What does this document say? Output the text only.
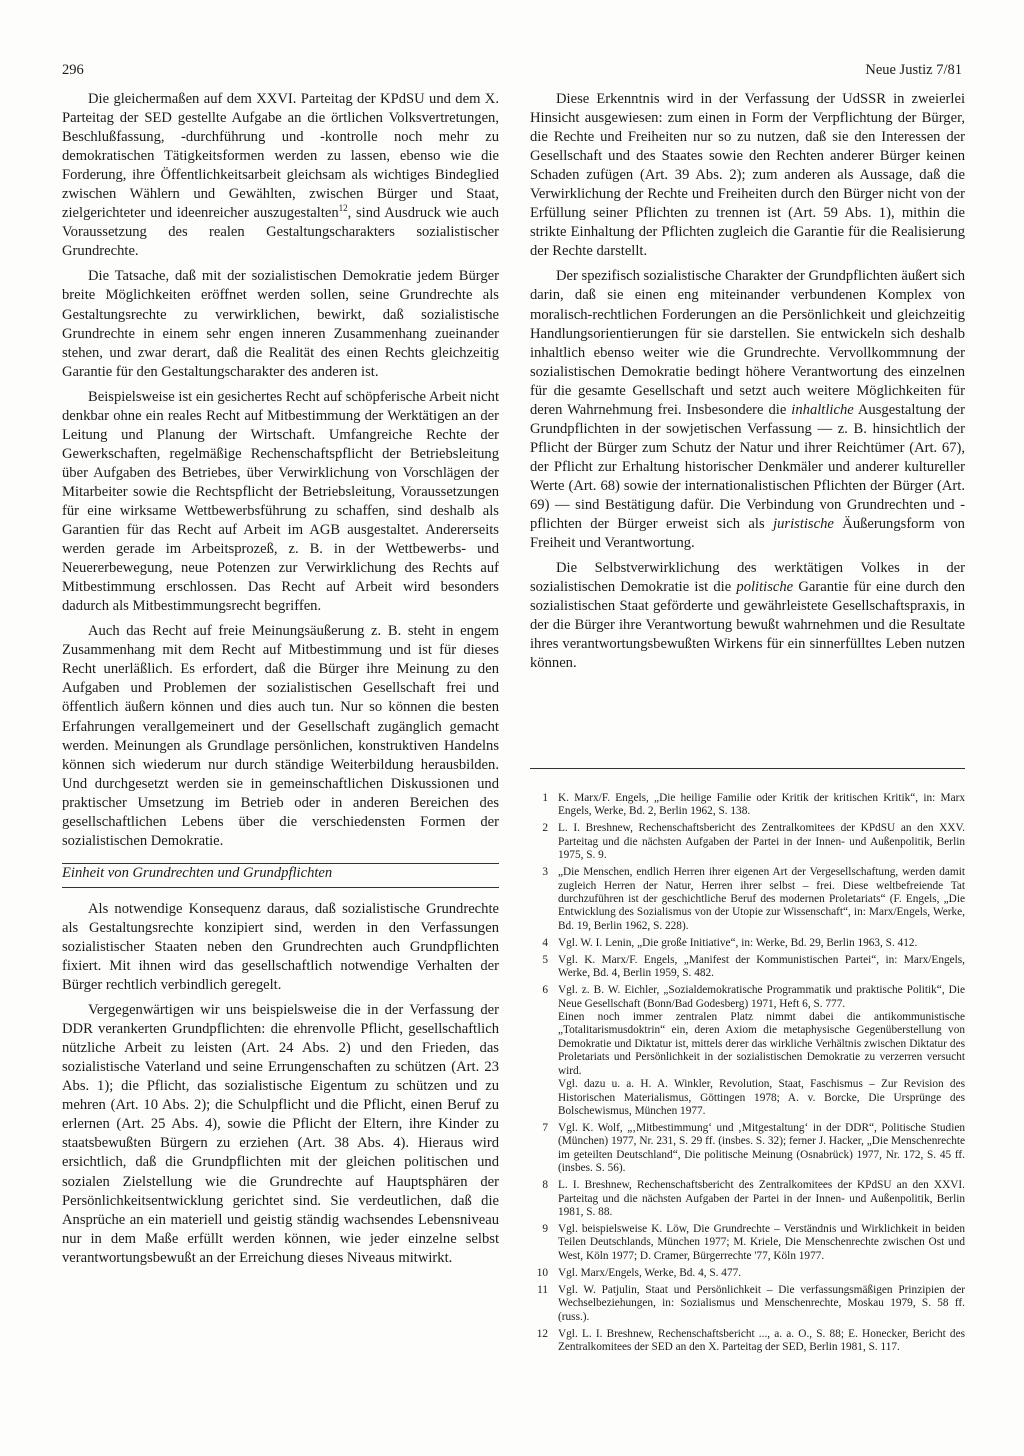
296	Neue Justiz 7/81

Die gleichermaßen auf dem XXVI. Parteitag der KPdSU und dem X. Parteitag der SED gestellte Aufgabe an die örtlichen Volksvertretungen, Beschlußfassung, -durchführung und -kontrolle noch mehr zu demokratischen Tätigkeitsformen werden zu lassen, ebenso wie die Forderung, ihre Öffentlichkeitsarbeit gleichsam als wichtiges Bindeglied zwischen Wählern und Gewählten, zwischen Bürger und Staat, zielgerichteter und ideenreicher auszugestalten$^{12}$, sind Ausdruck wie auch Voraussetzung des realen Gestaltungscharakters sozialistischer Grundrechte.

Die Tatsache, daß mit der sozialistischen Demokratie jedem Bürger breite Möglichkeiten eröffnet werden sollen, seine Grundrechte als Gestaltungsrechte zu verwirklichen, bewirkt, daß sozialistische Grundrechte in einem sehr engen inneren Zusammenhang zueinander stehen, und zwar derart, daß die Realität des einen Rechts gleichzeitig Garantie für den Gestaltungscharakter des anderen ist.

Beispielsweise ist ein gesichertes Recht auf schöpferische Arbeit nicht denkbar ohne ein reales Recht auf Mitbestimmung der Werktätigen an der Leitung und Planung der Wirtschaft. Umfangreiche Rechte der Gewerkschaften, regelmäßige Rechenschaftspflicht der Betriebsleitung über Aufgaben des Betriebes, über Verwirklichung von Vorschlägen der Mitarbeiter sowie die Rechtspflicht der Betriebsleitung, Voraussetzungen für eine wirksame Wettbewerbsführung zu schaffen, sind deshalb als Garantien für das Recht auf Arbeit im AGB ausgestaltet. Andererseits werden gerade im Arbeitsprozeß, z. B. in der Wettbewerbs- und Neuererbewegung, neue Potenzen zur Verwirklichung des Rechts auf Mitbestimmung erschlossen. Das Recht auf Arbeit wird besonders dadurch als Mitbestimmungsrecht begriffen.

Auch das Recht auf freie Meinungsäußerung z. B. steht in engem Zusammenhang mit dem Recht auf Mitbestimmung und ist für dieses Recht unerläßlich. Es erfordert, daß die Bürger ihre Meinung zu den Aufgaben und Problemen der sozialistischen Gesellschaft frei und öffentlich äußern können und dies auch tun. Nur so können die besten Erfahrungen verallgemeinert und der Gesellschaft zugänglich gemacht werden. Meinungen als Grundlage persönlichen, konstruktiven Handelns können sich wiederum nur durch ständige Weiterbildung herausbilden. Und durchgesetzt werden sie in gemeinschaftlichen Diskussionen und praktischer Umsetzung im Betrieb oder in anderen Bereichen des gesellschaftlichen Lebens über die verschiedensten Formen der sozialistischen Demokratie.

Einheit von Grundrechten und Grundpflichten

Als notwendige Konsequenz daraus, daß sozialistische Grundrechte als Gestaltungsrechte konzipiert sind, werden in den Verfassungen sozialistischer Staaten neben den Grundrechten auch Grundpflichten fixiert. Mit ihnen wird das gesellschaftlich notwendige Verhalten der Bürger rechtlich verbindlich geregelt.

Vergegenwärtigen wir uns beispielsweise die in der Verfassung der DDR verankerten Grundpflichten: die ehrenvolle Pflicht, gesellschaftlich nützliche Arbeit zu leisten (Art. 24 Abs. 2) und den Frieden, das sozialistische Vaterland und seine Errungenschaften zu schützen (Art. 23 Abs. 1); die Pflicht, das sozialistische Eigentum zu schützen und zu mehren (Art. 10 Abs. 2); die Schulpflicht und die Pflicht, einen Beruf zu erlernen (Art. 25 Abs. 4), sowie die Pflicht der Eltern, ihre Kinder zu staatsbewußten Bürgern zu erziehen (Art. 38 Abs. 4). Hieraus wird ersichtlich, daß die Grundpflichten mit der gleichen politischen und sozialen Zielstellung wie die Grundrechte auf Hauptsphären der Persönlichkeitsentwicklung gerichtet sind. Sie verdeutlichen, daß die Ansprüche an ein materiell und geistig ständig wachsendes Lebensniveau nur in dem Maße erfüllt werden können, wie jeder einzelne selbst verantwortungsbewußt an der Erreichung dieses Niveaus mitwirkt.

Diese Erkenntnis wird in der Verfassung der UdSSR in zweierlei Hinsicht ausgewiesen: zum einen in Form der Verpflichtung der Bürger, die Rechte und Freiheiten nur so zu nutzen, daß sie den Interessen der Gesellschaft und des Staates sowie den Rechten anderer Bürger keinen Schaden zufügen (Art. 39 Abs. 2); zum anderen als Aussage, daß die Verwirklichung der Rechte und Freiheiten durch den Bürger nicht von der Erfüllung seiner Pflichten zu trennen ist (Art. 59 Abs. 1), mithin die strikte Einhaltung der Pflichten zugleich die Garantie für die Realisierung der Rechte darstellt.

Der spezifisch sozialistische Charakter der Grundpflichten äußert sich darin, daß sie einen eng miteinander verbundenen Komplex von moralisch-rechtlichen Forderungen an die Persönlichkeit und gleichzeitig Handlungsorientierungen für sie darstellen. Sie entwickeln sich deshalb inhaltlich ebenso weiter wie die Grundrechte. Vervollkommnung der sozialistischen Demokratie bedingt höhere Verantwortung des einzelnen für die gesamte Gesellschaft und setzt auch weitere Möglichkeiten für deren Wahrnehmung frei. Insbesondere die inhaltliche Ausgestaltung der Grundpflichten in der sowjetischen Verfassung — z. B. hinsichtlich der Pflicht der Bürger zum Schutz der Natur und ihrer Reichtümer (Art. 67), der Pflicht zur Erhaltung historischer Denkmäler und anderer kultureller Werte (Art. 68) sowie der internationalistischen Pflichten der Bürger (Art. 69) — sind Bestätigung dafür. Die Verbindung von Grundrechten und -pflichten der Bürger erweist sich als juristische Äußerungsform von Freiheit und Verantwortung.

Die Selbstverwirklichung des werktätigen Volkes in der sozialistischen Demokratie ist die politische Garantie für eine durch den sozialistischen Staat geförderte und gewährleistete Gesellschaftspraxis, in der die Bürger ihre Verantwortung bewußt wahrnehmen und die Resultate ihres verantwortungsbewußten Wirkens für ein sinnerfülltes Leben nutzen können.

1 K. Marx/F. Engels, „Die heilige Familie oder Kritik der kritischen Kritik“, in: Marx Engels, Werke, Bd. 2, Berlin 1962, S. 138.
2 L. I. Breshnew, Rechenschaftsbericht des Zentralkomitees der KPdSU an den XXV. Parteitag und die nächsten Aufgaben der Partei in der Innen- und Außenpolitik, Berlin 1975, S. 9.
3 „Die Menschen, endlich Herren ihrer eigenen Art der Vergesellschaftung, werden damit zugleich Herren der Natur, Herren ihrer selbst – frei. Diese weltbefreiende Tat durchzuführen ist der geschichtliche Beruf des modernen Proletariats“ (F. Engels, „Die Entwicklung des Sozialismus von der Utopie zur Wissenschaft“, in: Marx/Engels, Werke, Bd. 19, Berlin 1962, S. 228).
4 Vgl. W. I. Lenin, „Die große Initiative“, in: Werke, Bd. 29, Berlin 1963, S. 412.
5 Vgl. K. Marx/F. Engels, „Manifest der Kommunistischen Partei“, in: Marx/Engels, Werke, Bd. 4, Berlin 1959, S. 482.
6 Vgl. z. B. W. Eichler, „Sozialdemokratische Programmatik und praktische Politik“, Die Neue Gesellschaft (Bonn/Bad Godesberg) 1971, Heft 6, S. 777.
Einen noch immer zentralen Platz nimmt dabei die antikommunistische „Totalitarismusdoktrin“ ein, deren Axiom die metaphysische Gegenüberstellung von Demokratie und Diktatur ist, mittels derer das wirkliche Verhältnis zwischen Diktatur des Proletariats und Persönlichkeit in der sozialistischen Demokratie zu verzerren versucht wird.
Vgl. dazu u. a. H. A. Winkler, Revolution, Staat, Faschismus – Zur Revision des Historischen Materialismus, Göttingen 1978; A. v. Borcke, Die Ursprünge des Bolschewismus, München 1977.
7 Vgl. K. Wolf, „‚Mitbestimmung‘ und ‚Mitgestaltung‘ in der DDR“, Politische Studien (München) 1977, Nr. 231, S. 29 ff. (insbes. S. 32); ferner J. Hacker, „Die Menschenrechte im geteilten Deutschland“, Die politische Meinung (Osnabrück) 1977, Nr. 172, S. 45 ff. (insbes. S. 56).
8 L. I. Breshnew, Rechenschaftsbericht des Zentralkomitees der KPdSU an den XXVI. Parteitag und die nächsten Aufgaben der Partei in der Innen- und Außenpolitik, Berlin 1981, S. 88.
9 Vgl. beispielsweise K. Löw, Die Grundrechte – Verständnis und Wirklichkeit in beiden Teilen Deutschlands, München 1977; M. Kriele, Die Menschenrechte zwischen Ost und West, Köln 1977; D. Cramer, Bürgerrechte '77, Köln 1977.
10 Vgl. Marx/Engels, Werke, Bd. 4, S. 477.
11 Vgl. W. Patjulin, Staat und Persönlichkeit – Die verfassungsmäßigen Prinzipien der Wechselbeziehungen, in: Sozialismus und Menschenrechte, Moskau 1979, S. 58 ff. (russ.).
12 Vgl. L. I. Breshnew, Rechenschaftsbericht ..., a. a. O., S. 88; E. Honecker, Bericht des Zentralkomitees der SED an den X. Parteitag der SED, Berlin 1981, S. 117.
